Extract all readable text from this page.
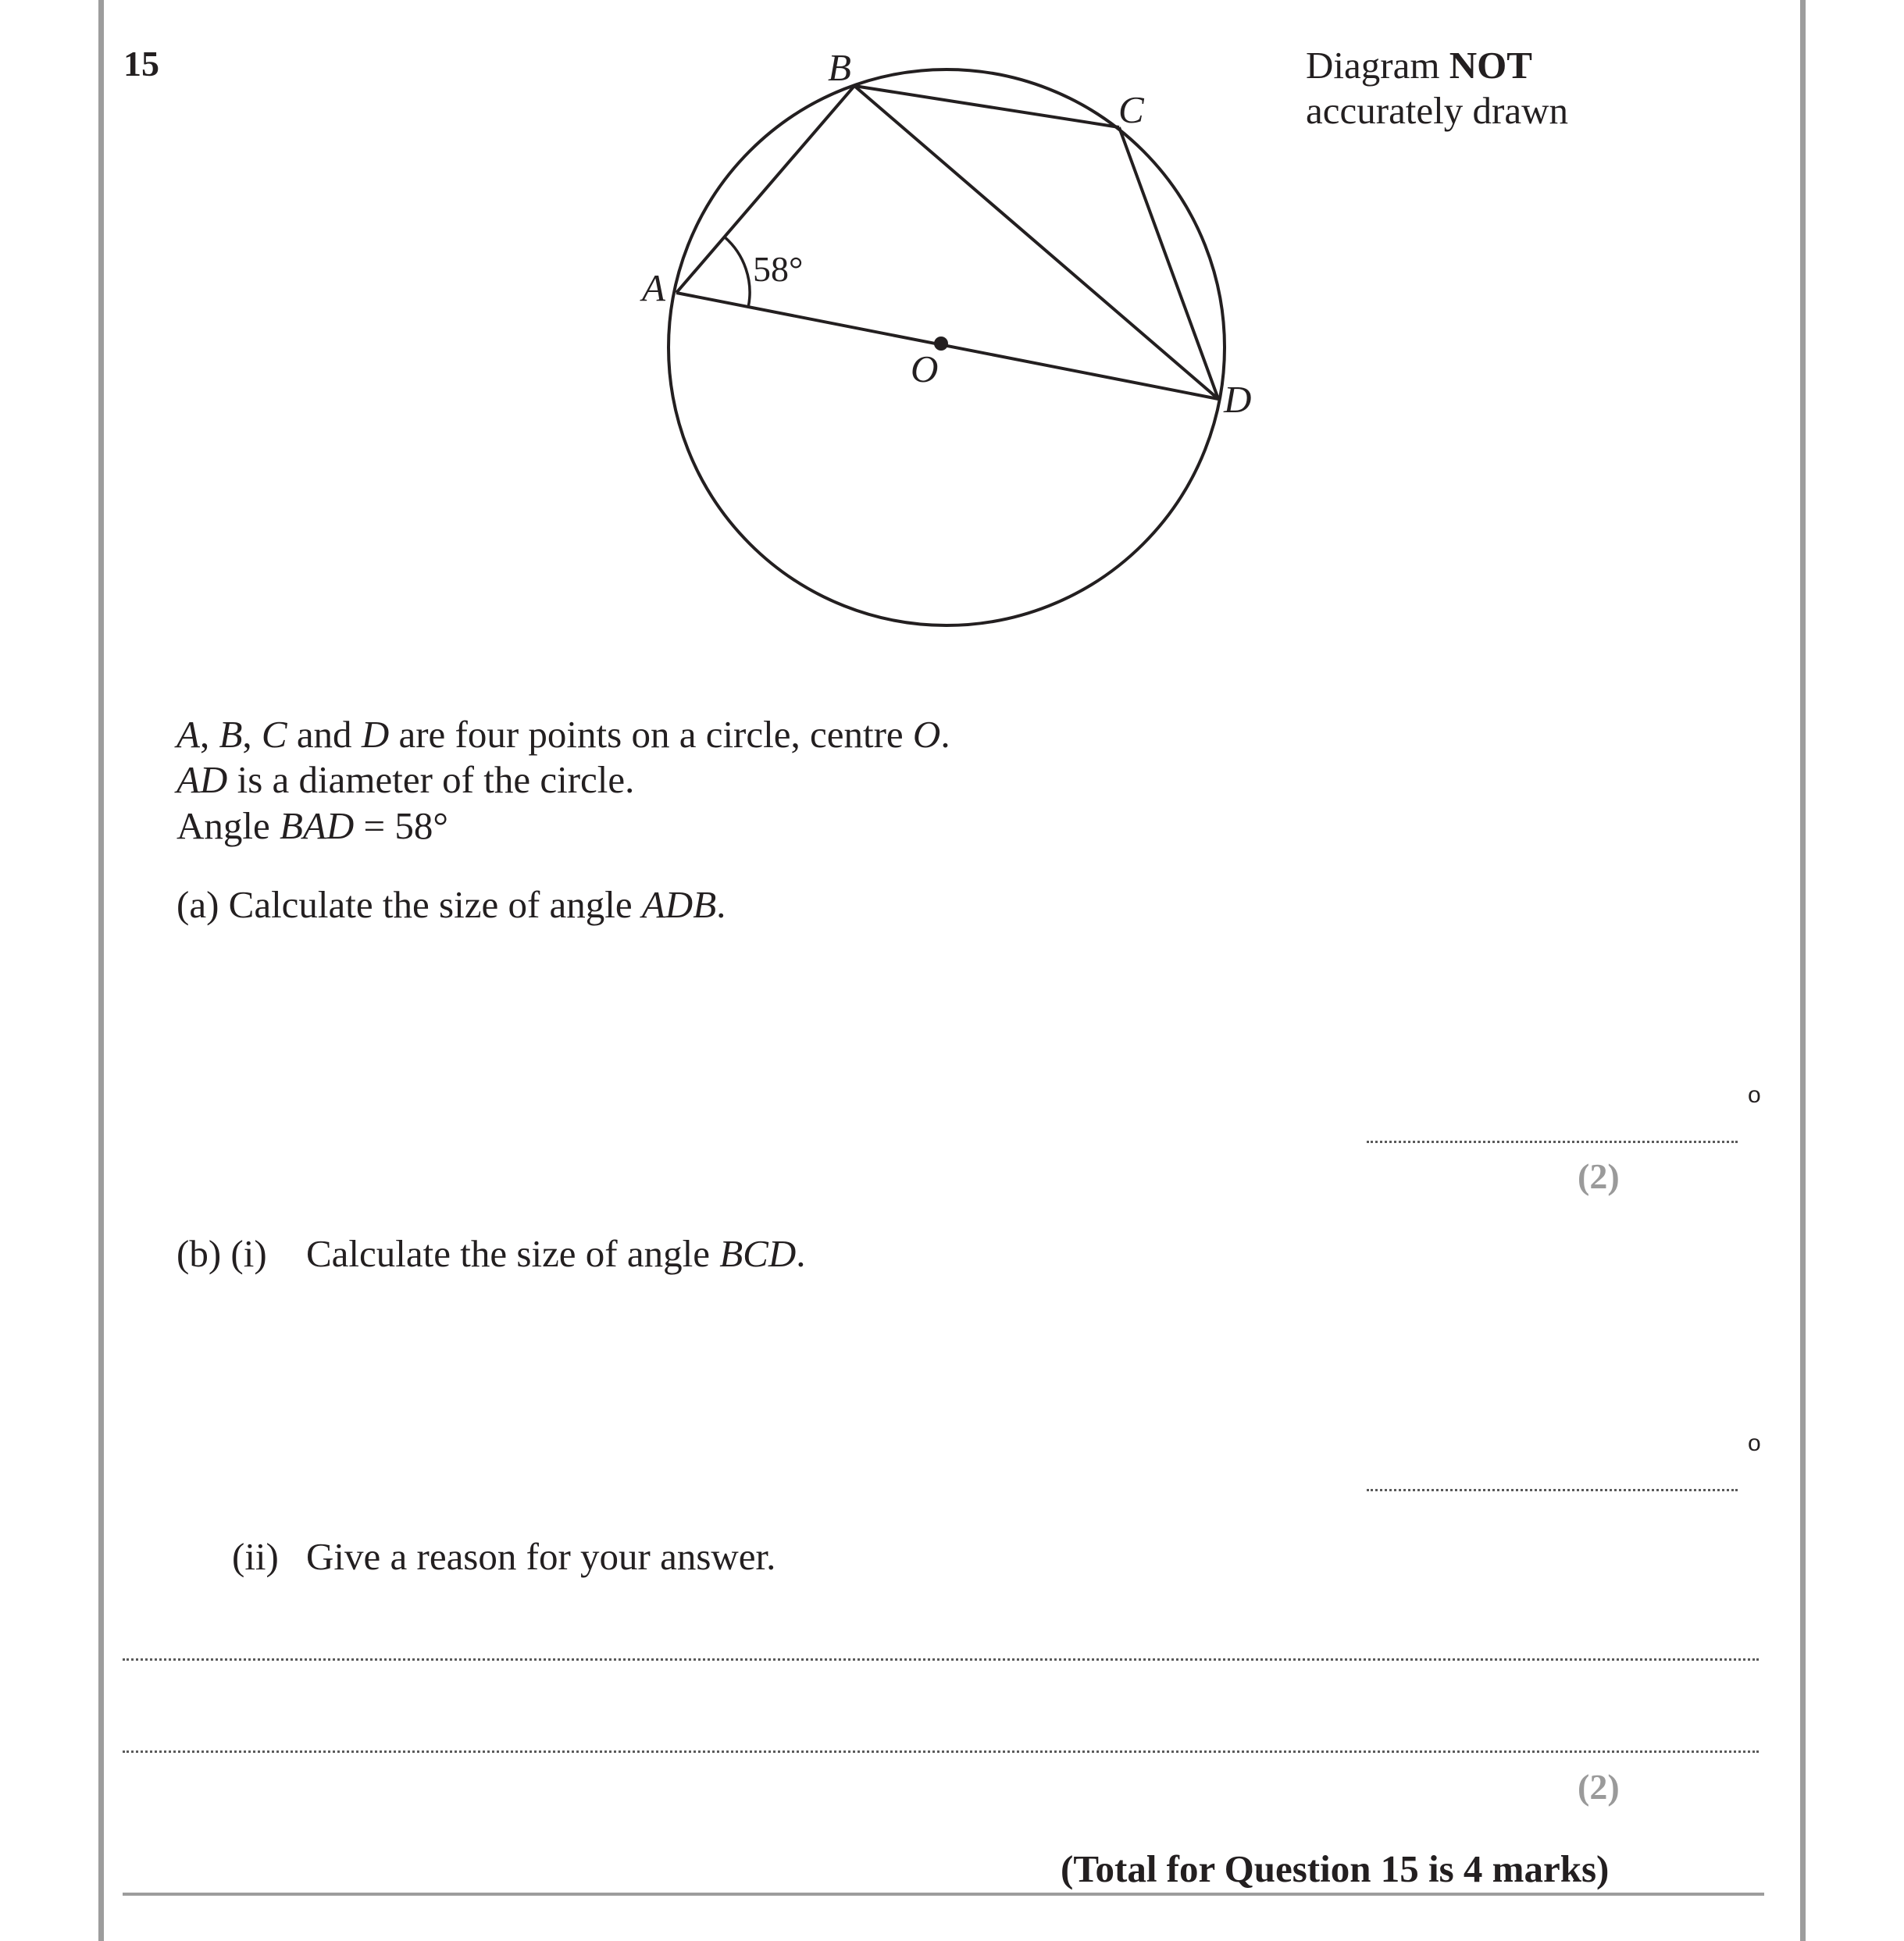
15	Diagram NOT
accurately drawn
A
B
C
D
O
58°
A, B, C and D are four points on a circle, centre O.
AD is a diameter of the circle.
Angle BAD = 58°
(a) Calculate the size of angle ADB.
o
(2)
(b) (i) Calculate the size of angle BCD.
o
(ii) Give a reason for your answer.
(2)
(Total for Question 15 is 4 marks)
